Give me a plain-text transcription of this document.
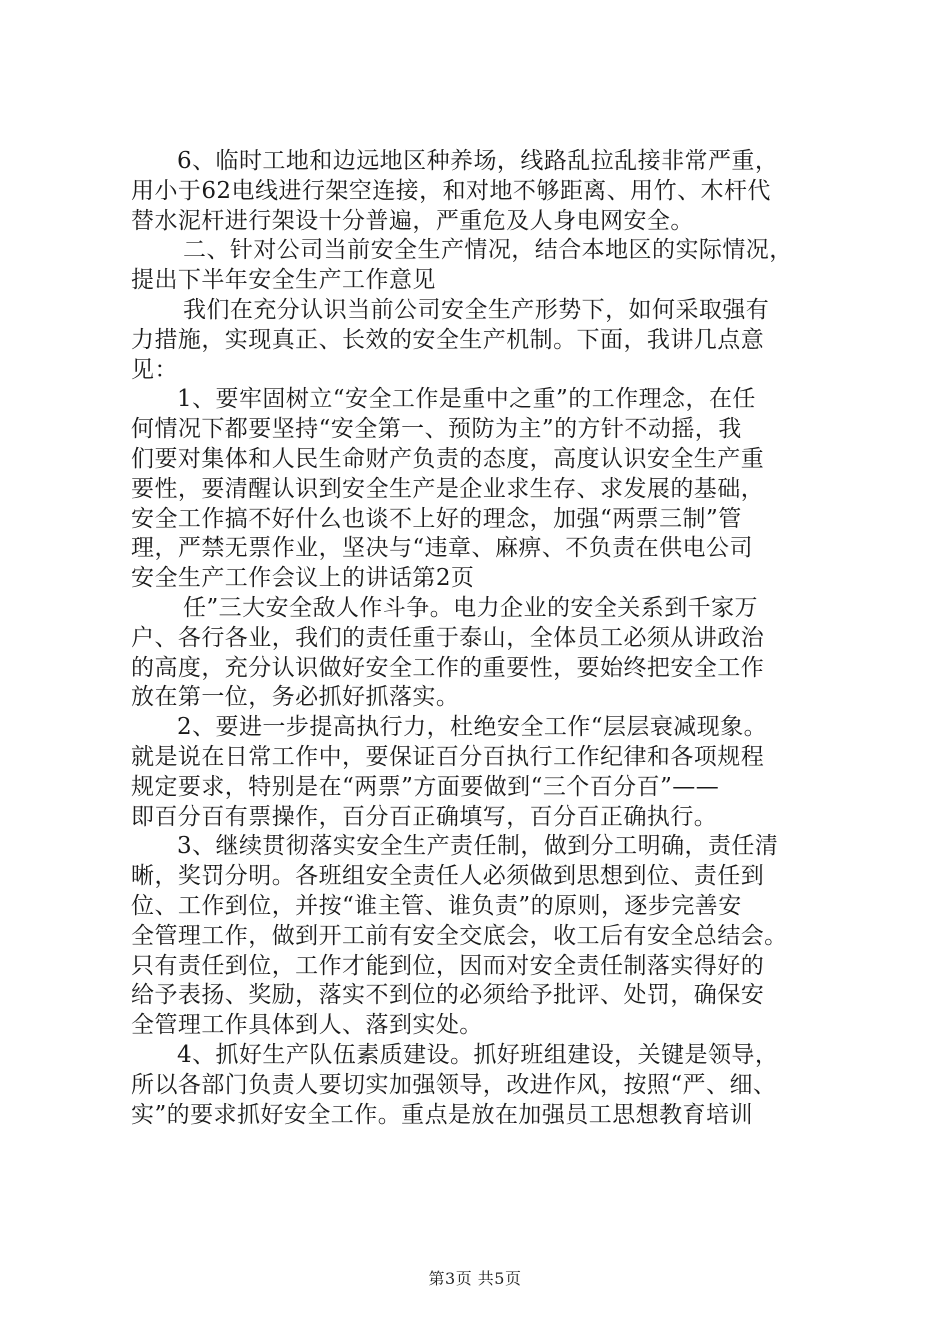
6、临时工地和边远地区种养场，线路乱拉乱接非常严重，
用小于62电线进行架空连接，和对地不够距离、用竹、木杆代
替水泥杆进行架设十分普遍，严重危及人身电网安全。
二、针对公司当前安全生产情况，结合本地区的实际情况，
提出下半年安全生产工作意见
我们在充分认识当前公司安全生产形势下，如何采取强有
力措施，实现真正、长效的安全生产机制。下面，我讲几点意
见：
1、要牢固树立“安全工作是重中之重”的工作理念，在任
何情况下都要坚持“安全第一、预防为主”的方针不动摇，我
们要对集体和人民生命财产负责的态度，高度认识安全生产重
要性，要清醒认识到安全生产是企业求生存、求发展的基础，
安全工作搞不好什么也谈不上好的理念，加强“两票三制”管
理，严禁无票作业，坚决与“违章、麻痹、不负责在供电公司
安全生产工作会议上的讲话第2页
任”三大安全敌人作斗争。电力企业的安全关系到千家万
户、各行各业，我们的责任重于泰山，全体员工必须从讲政治
的高度，充分认识做好安全工作的重要性，要始终把安全工作
放在第一位，务必抓好抓落实。
2、要进一步提高执行力，杜绝安全工作“层层衰减现象。
就是说在日常工作中，要保证百分百执行工作纪律和各项规程
规定要求，特别是在“两票”方面要做到“三个百分百”——
即百分百有票操作，百分百正确填写，百分百正确执行。
3、继续贯彻落实安全生产责任制，做到分工明确，责任清
晰，奖罚分明。各班组安全责任人必须做到思想到位、责任到
位、工作到位，并按“谁主管、谁负责”的原则，逐步完善安
全管理工作，做到开工前有安全交底会，收工后有安全总结会。
只有责任到位，工作才能到位，因而对安全责任制落实得好的
给予表扬、奖励，落实不到位的必须给予批评、处罚，确保安
全管理工作具体到人、落到实处。
4、抓好生产队伍素质建设。抓好班组建设，关键是领导，
所以各部门负责人要切实加强领导，改进作风，按照“严、细、
实”的要求抓好安全工作。重点是放在加强员工思想教育培训
第3页 共5页
